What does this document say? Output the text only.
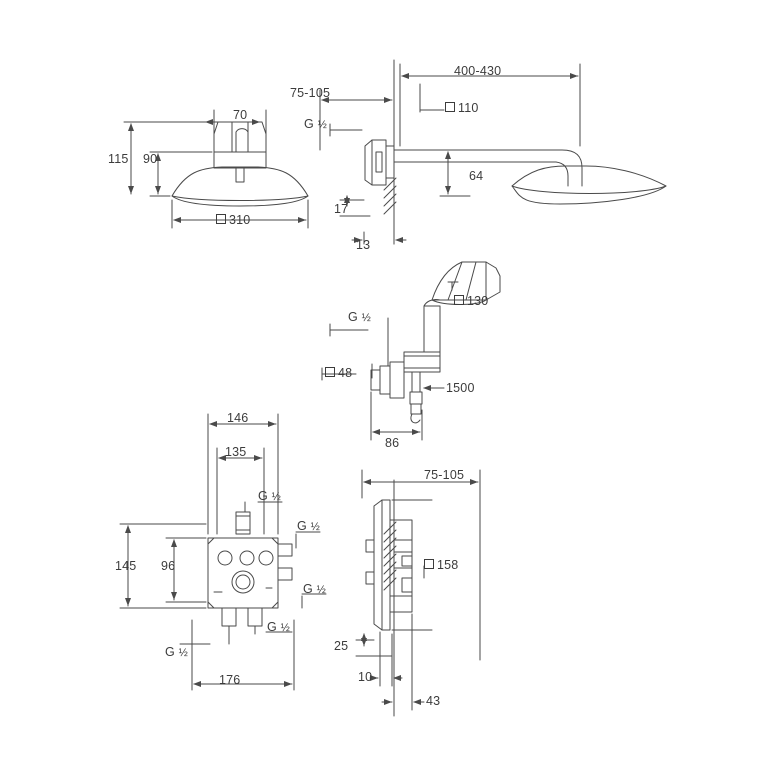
70
115 90
310
75-105
G ½
400-430
110
17
13
64
G ½
130
48
1500
86
146
135
145 96
176
G ½
G ½
G ½
G ½
G ½
75-105
158
25
10
43
